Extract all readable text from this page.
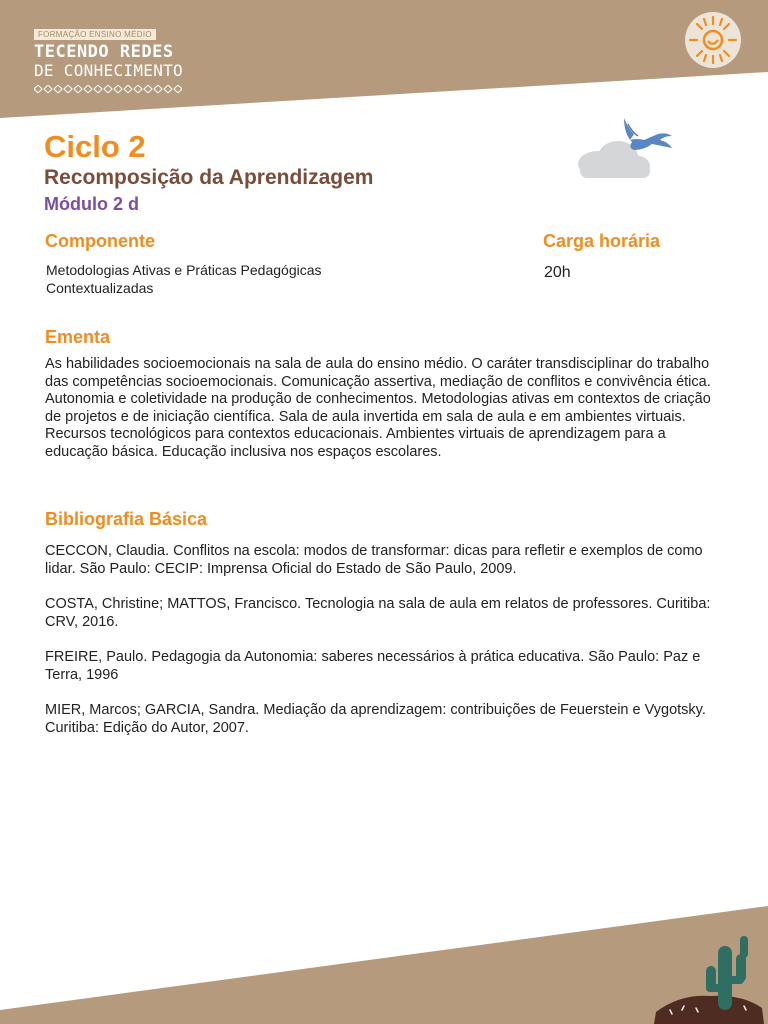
FORMAÇÃO ENSINO MÉDIO
TECENDO REDES
DE CONHECIMENTO
Ciclo 2
Recomposição da Aprendizagem
Módulo 2 d
Componente
Metodologias Ativas e Práticas Pedagógicas Contextualizadas
Carga horária
20h
Ementa
As habilidades socioemocionais na sala de aula do ensino médio. O caráter transdisciplinar do trabalho das competências socioemocionais. Comunicação assertiva, mediação de conflitos e convivência ética. Autonomia e coletividade na produção de conhecimentos. Metodologias ativas em contextos de criação de projetos e de iniciação científica. Sala de aula invertida em sala de aula e em ambientes virtuais. Recursos tecnológicos para contextos educacionais. Ambientes virtuais de aprendizagem para a educação básica. Educação inclusiva nos espaços escolares.
Bibliografia Básica
CECCON, Claudia. Conflitos na escola: modos de transformar: dicas para refletir e exemplos de como lidar. São Paulo: CECIP: Imprensa Oficial do Estado de São Paulo, 2009.
COSTA, Christine; MATTOS, Francisco. Tecnologia na sala de aula em relatos de professores. Curitiba: CRV, 2016.
FREIRE, Paulo. Pedagogia da Autonomia: saberes necessários à prática educativa. São Paulo: Paz e Terra, 1996
MIER, Marcos; GARCIA, Sandra. Mediação da aprendizagem: contribuições de Feuerstein e Vygotsky. Curitiba: Edição do Autor, 2007.
